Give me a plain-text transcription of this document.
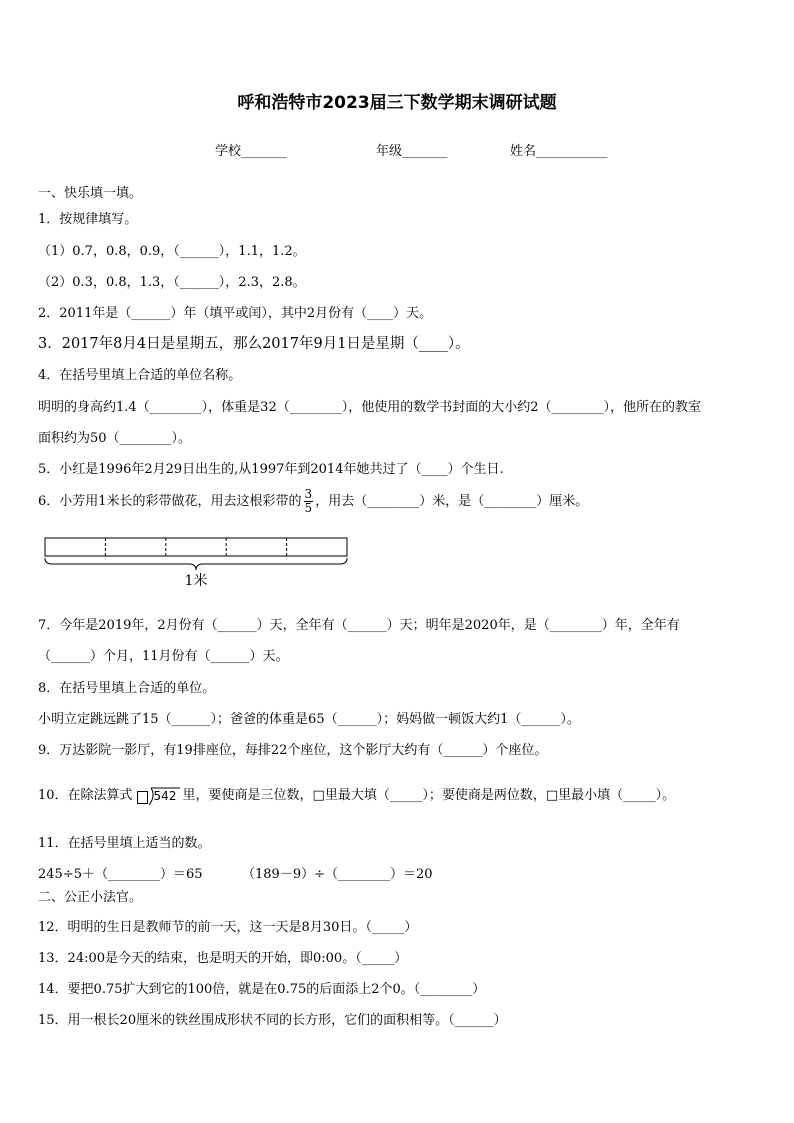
呼和浩特市2023届三下数学期末调研试题
学校_______	年级_______	姓名___________
一、快乐填一填。
1．按规律填写。
（1）0.7，0.8，0.9，（______），1.1，1.2。
（2）0.3，0.8，1.3，（______），2.3，2.8。
2．2011年是（______）年（填平或闰），其中2月份有（____）天。
3．2017年8月4日是星期五，那么2017年9月1日是星期（____）。
4．在括号里填上合适的单位名称。
明明的身高约1.4（________），体重是32（________），他使用的数学书封面的大小约2（________），他所在的教室
面积约为50（________）。
5．小红是1996年2月29日出生的,从1997年到2014年她共过了（____）个生日.
6．小芳用1米长的彩带做花，用去这根彩带的 $\frac{3}{5}$ ，用去（________）米，是（________）厘米。
1米
7．今年是2019年，2月份有（______）天，全年有（______）天；明年是2020年，是（________）年，全年有
（______）个月，11月份有（______）天。
8．在括号里填上合适的单位。
小明立定跳远跳了15（______）；爸爸的体重是65（______）；妈妈做一顿饭大约1（______）。
9．万达影院一影厅，有19排座位，每排22个座位，这个影厅大约有（______）个座位。
10．在除法算式 542 里，要使商是三位数，□里最大填（_____）；要使商是两位数，□里最小填（_____）。
11．在括号里填上适当的数。
245÷5＋（________）＝65	（189－9）÷（________）＝20
二、公正小法官。
12．明明的生日是教师节的前一天，这一天是8月30日。（_____）
13．24:00是今天的结束，也是明天的开始，即0:00。（_____）
14．要把0.75扩大到它的100倍，就是在0.75的后面添上2个0。（________）
15．用一根长20厘米的铁丝围成形状不同的长方形，它们的面积相等。（______）
